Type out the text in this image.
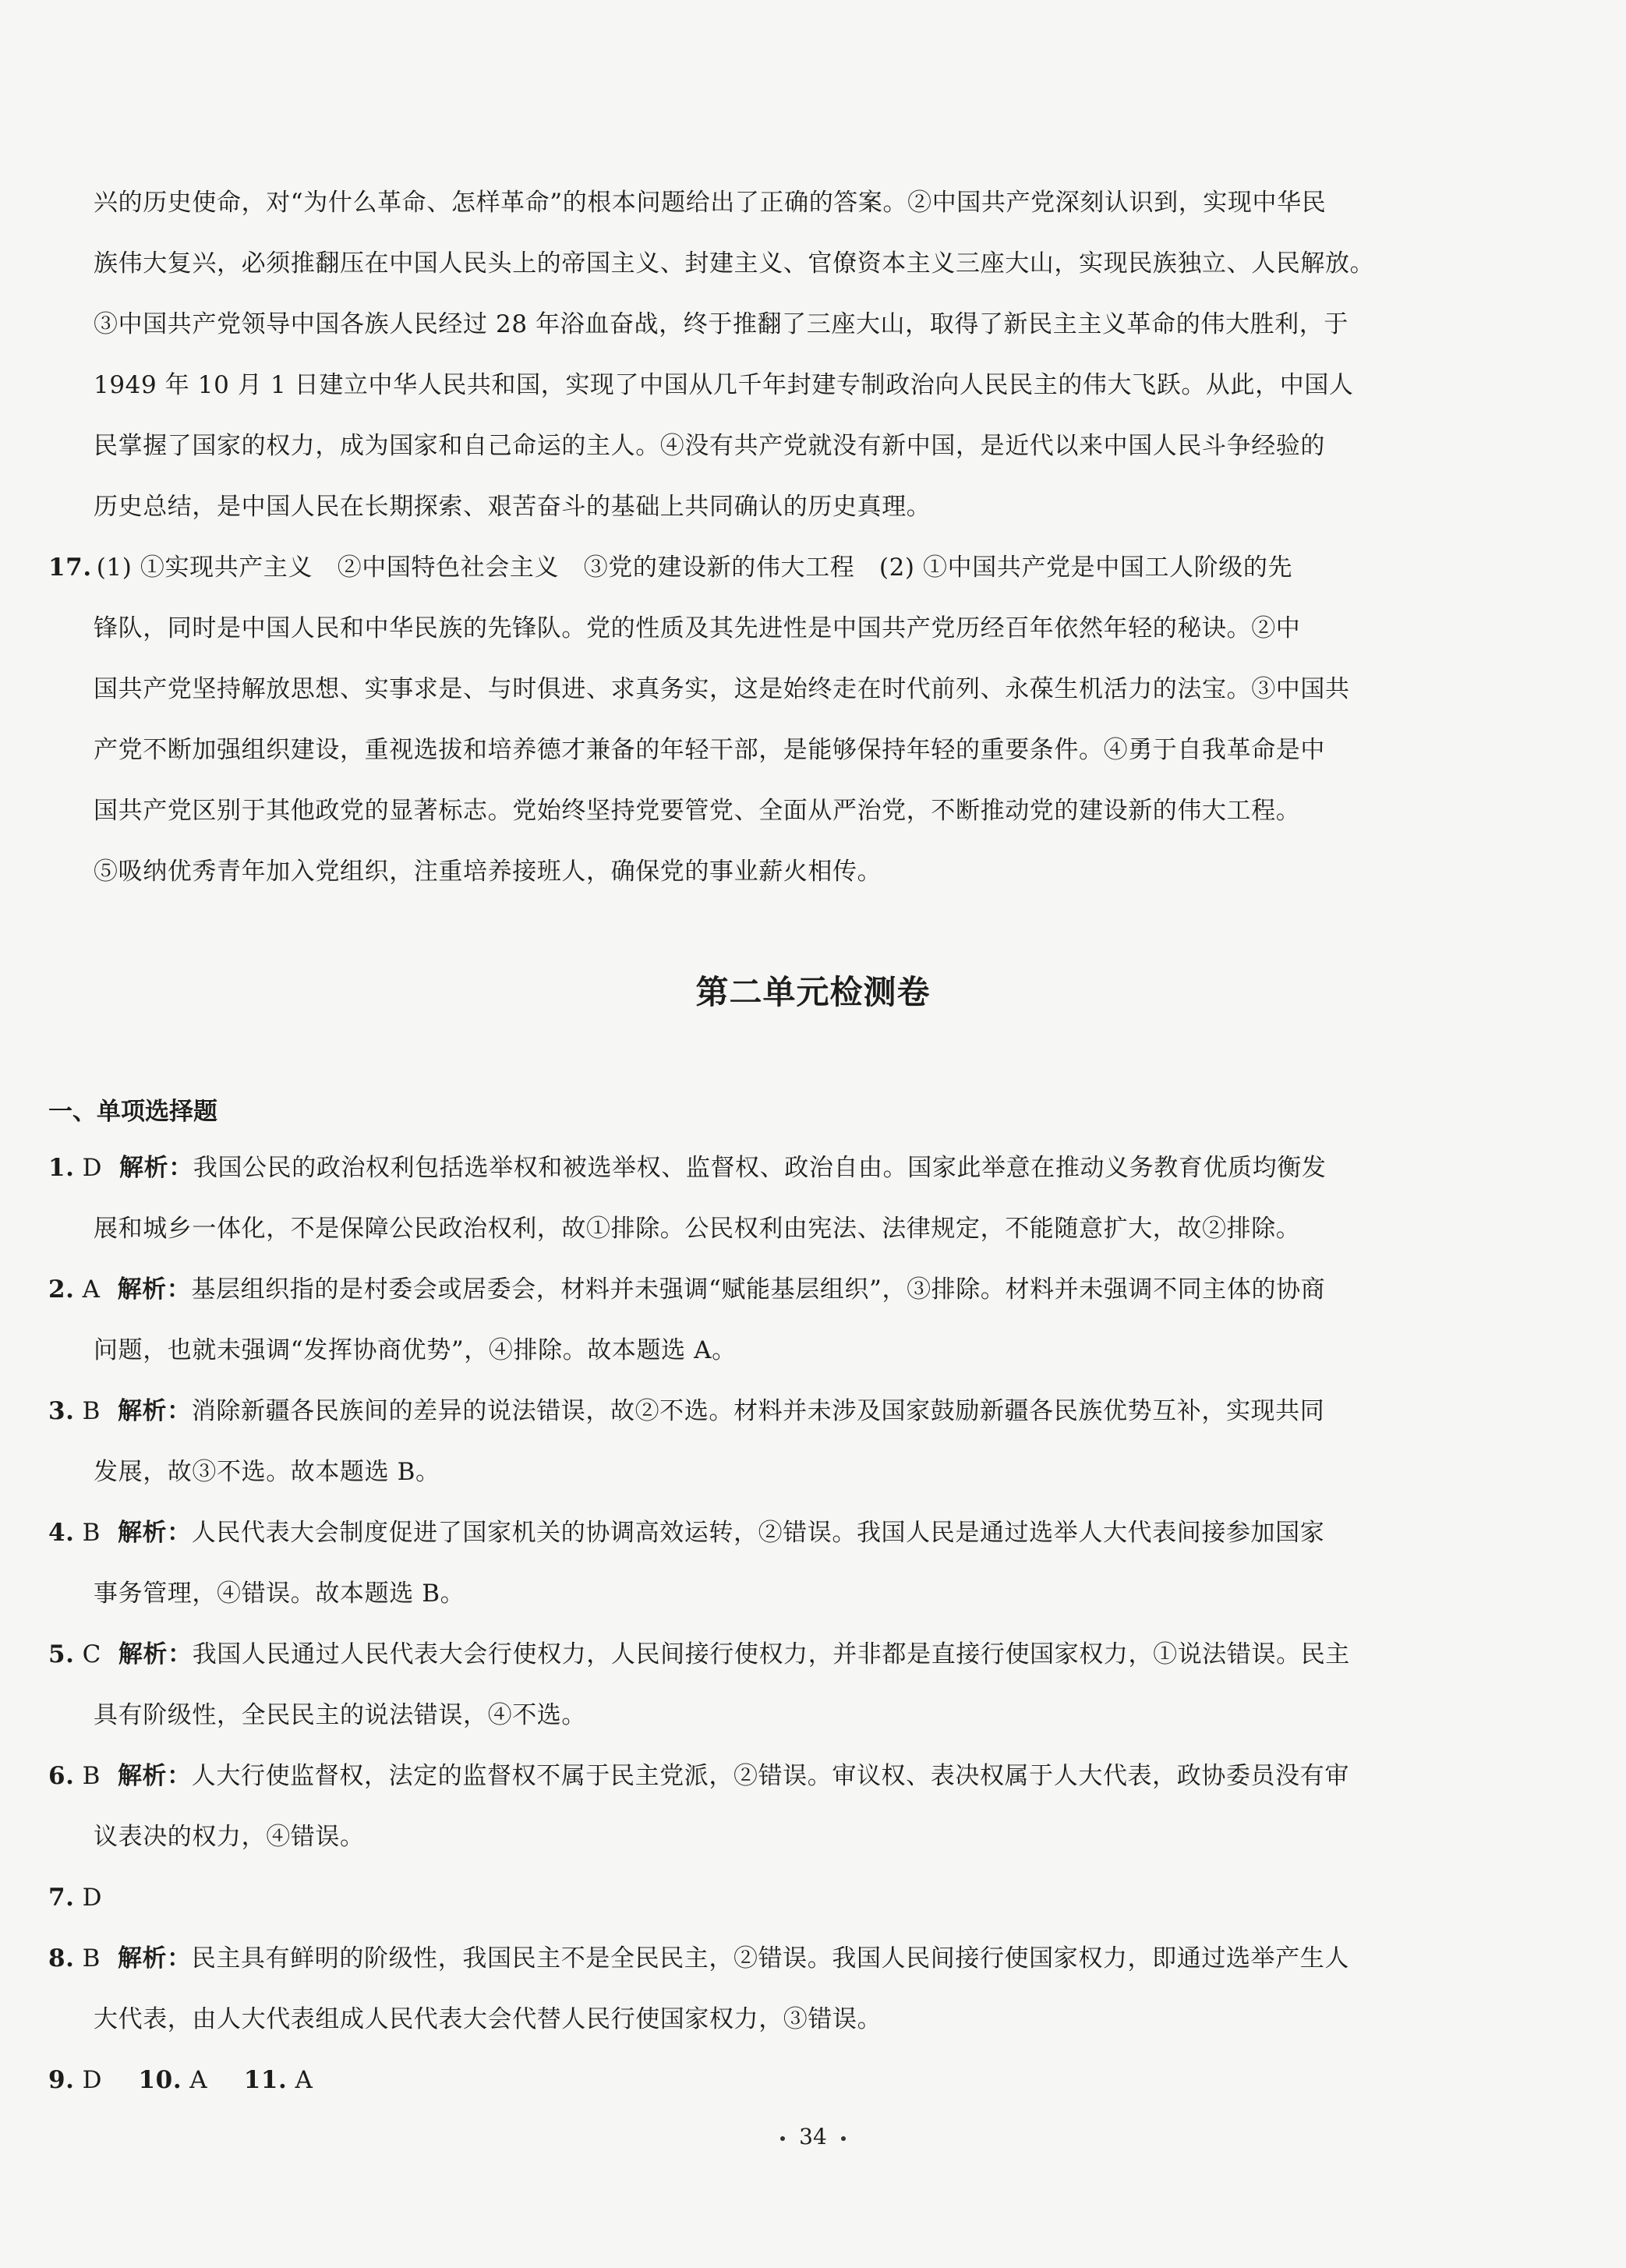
兴的历史使命，对“为什么革命、怎样革命”的根本问题给出了正确的答案。②中国共产党深刻认识到，实现中华民
族伟大复兴，必须推翻压在中国人民头上的帝国主义、封建主义、官僚资本主义三座大山，实现民族独立、人民解放。
③中国共产党领导中国各族人民经过 28 年浴血奋战，终于推翻了三座大山，取得了新民主主义革命的伟大胜利，于
1949 年 10 月 1 日建立中华人民共和国，实现了中国从几千年封建专制政治向人民民主的伟大飞跃。从此，中国人
民掌握了国家的权力，成为国家和自己命运的主人。④没有共产党就没有新中国，是近代以来中国人民斗争经验的
历史总结，是中国人民在长期探索、艰苦奋斗的基础上共同确认的历史真理。
17. (1) ①实现共产主义　②中国特色社会主义　③党的建设新的伟大工程　(2) ①中国共产党是中国工人阶级的先
锋队，同时是中国人民和中华民族的先锋队。党的性质及其先进性是中国共产党历经百年依然年轻的秘诀。②中
国共产党坚持解放思想、实事求是、与时俱进、求真务实，这是始终走在时代前列、永葆生机活力的法宝。③中国共
产党不断加强组织建设，重视选拔和培养德才兼备的年轻干部，是能够保持年轻的重要条件。④勇于自我革命是中
国共产党区别于其他政党的显著标志。党始终坚持党要管党、全面从严治党，不断推动党的建设新的伟大工程。
⑤吸纳优秀青年加入党组织，注重培养接班人，确保党的事业薪火相传。
第二单元检测卷
一、单项选择题
1. D 解析：我国公民的政治权利包括选举权和被选举权、监督权、政治自由。国家此举意在推动义务教育优质均衡发
展和城乡一体化，不是保障公民政治权利，故①排除。公民权利由宪法、法律规定，不能随意扩大，故②排除。
2. A 解析：基层组织指的是村委会或居委会，材料并未强调“赋能基层组织”，③排除。材料并未强调不同主体的协商
问题，也就未强调“发挥协商优势”，④排除。故本题选 A。
3. B 解析：消除新疆各民族间的差异的说法错误，故②不选。材料并未涉及国家鼓励新疆各民族优势互补，实现共同
发展，故③不选。故本题选 B。
4. B 解析：人民代表大会制度促进了国家机关的协调高效运转，②错误。我国人民是通过选举人大代表间接参加国家
事务管理，④错误。故本题选 B。
5. C 解析：我国人民通过人民代表大会行使权力，人民间接行使权力，并非都是直接行使国家权力，①说法错误。民主
具有阶级性，全民民主的说法错误，④不选。
6. B 解析：人大行使监督权，法定的监督权不属于民主党派，②错误。审议权、表决权属于人大代表，政协委员没有审
议表决的权力，④错误。
7. D
8. B 解析：民主具有鲜明的阶级性，我国民主不是全民民主，②错误。我国人民间接行使国家权力，即通过选举产生人
大代表，由人大代表组成人民代表大会代替人民行使国家权力，③错误。
9. D 10. A 11. A
34
